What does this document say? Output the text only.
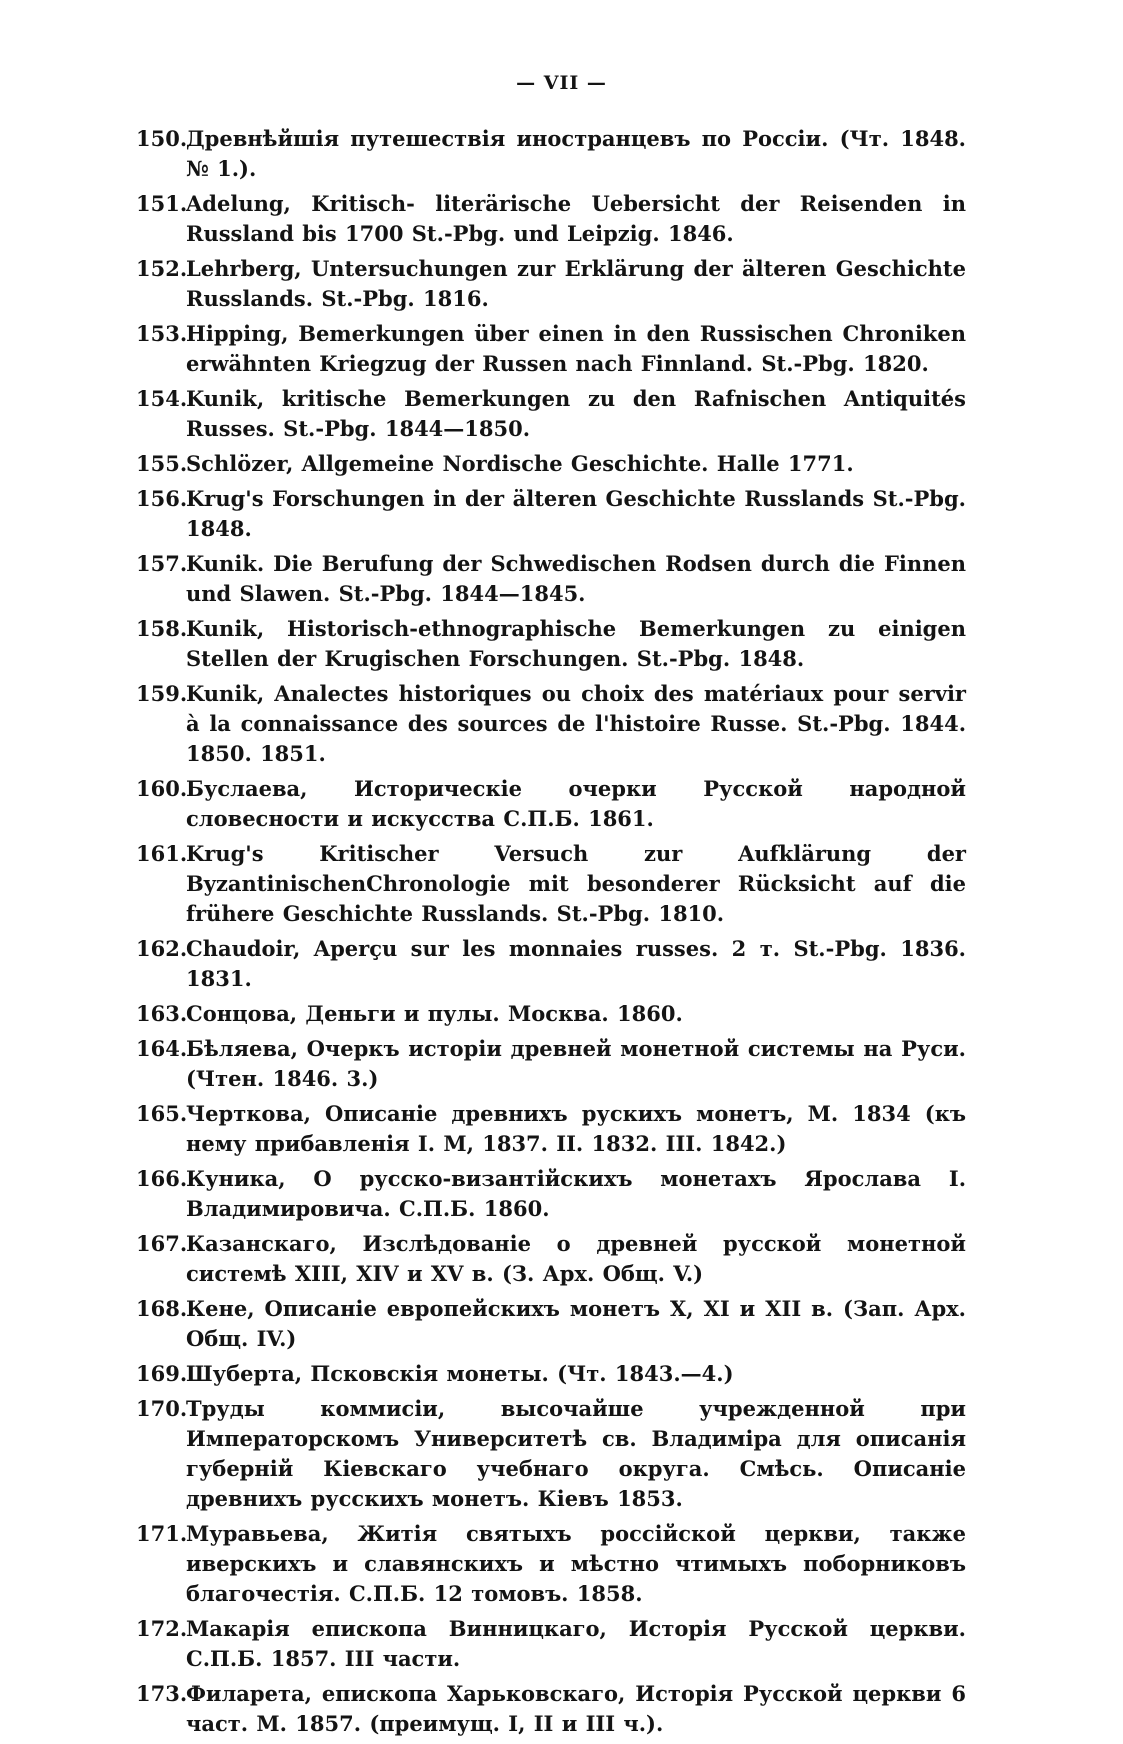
— VII —
150.
Древнѣйшія путешествія иностранцевъ по Россіи. (Чт. 1848. № 1.).
151.
Adelung, Kritisch- literärische Uebersicht der Reisenden in Russland bis 1700 St.-Pbg. und Leipzig. 1846.
152.
Lehrberg, Untersuchungen zur Erklärung der älteren Geschichte Russlands. St.-Pbg. 1816.
153.
Hipping, Bemerkungen über einen in den Russischen Chroniken erwähnten Kriegzug der Russen nach Finnland. St.-Pbg. 1820.
154.
Kunik, kritische Bemerkungen zu den Rafnischen Antiquités Russes. St.-Pbg. 1844—1850.
155.
Schlözer, Allgemeine Nordische Geschichte. Halle 1771.
156.
Krug's Forschungen in der älteren Geschichte Russlands St.-Pbg. 1848.
157.
Kunik. Die Berufung der Schwedischen Rodsen durch die Finnen und Slawen. St.-Pbg. 1844—1845.
158.
Kunik, Historisch-ethnographische Bemerkungen zu einigen Stellen der Krugischen Forschungen. St.-Pbg. 1848.
159.
Kunik, Analectes historiques ou choix des matériaux pour servir à la connaissance des sources de l'histoire Russe. St.-Pbg. 1844. 1850. 1851.
160.
Буслаева, Историческіе очерки Русской народной словесности и искусства С.П.Б. 1861.
161.
Krug's Kritischer Versuch zur Aufklärung der ByzantinischenChronologie mit besonderer Rücksicht auf die frühere Geschichte Russlands. St.-Pbg. 1810.
162.
Chaudoir, Aperçu sur les monnaies russes. 2 т. St.-Pbg. 1836. 1831.
163.
Сонцова, Деньги и пулы. Москва. 1860.
164.
Бѣляева, Очеркъ исторіи древней монетной системы на Руси. (Чтен. 1846. 3.)
165.
Черткова, Описаніе древнихъ рускихъ монетъ, М. 1834 (къ нему прибавленія I. М, 1837. II. 1832. III. 1842.)
166.
Куника, О русско-византійскихъ монетахъ Ярослава I. Владимировича. С.П.Б. 1860.
167.
Казанскаго, Изслѣдованіе о древней русской монетной системѣ XIII, XIV и XV в. (З. Арх. Общ. V.)
168.
Кене, Описаніе европейскихъ монетъ X, XI и XII в. (Зап. Арх. Общ. IV.)
169.
Шуберта, Псковскія монеты. (Чт. 1843.—4.)
170.
Труды коммисіи, высочайше учрежденной при Императорскомъ Университетѣ св. Владиміра для описанія губерній Кіевскаго учебнаго округа. Смѣсь. Описаніе древнихъ русскихъ монетъ. Кіевъ 1853.
171.
Муравьева, Житія святыхъ россійской церкви, также иверскихъ и славянскихъ и мѣстно чтимыхъ поборниковъ благочестія. С.П.Б. 12 томовъ. 1858.
172.
Макарія епископа Винницкаго, Исторія Русской церкви. С.П.Б. 1857. III части.
173.
Филарета, епископа Харьковскаго, Исторія Русской церкви 6 част. М. 1857. (преимущ. I, II и III ч.).
